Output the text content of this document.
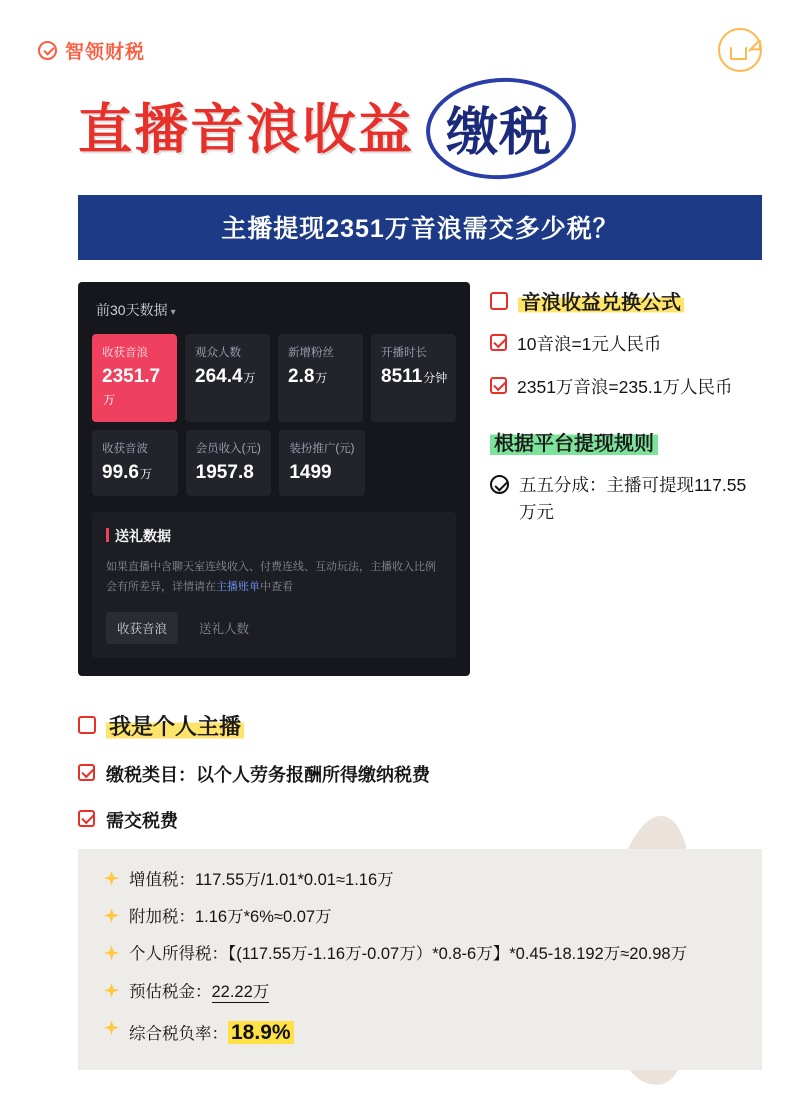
智领财税
直播音浪收益 缴税
主播提现2351万音浪需交多少税？
前30天数据 ▾
收获音浪
2351.7万
观众人数
264.4万
新增粉丝
2.8万
开播时长
8511分钟
收获音波
99.6万
会员收入(元)
1957.8
装扮推广(元)
1499
送礼数据
如果直播中含聊天室连线收入、付费连线、互动玩法，主播收入比例会有所差异，详情请在主播账单中查看
收获音浪	送礼人数
音浪收益兑换公式
10音浪=1元人民币
2351万音浪=235.1万人民币
根据平台提现规则
五五分成：主播可提现117.55万元
我是个人主播
缴税类目：以个人劳务报酬所得缴纳税费
需交税费
增值税：117.55万/1.01*0.01≈1.16万
附加税：1.16万*6%≈0.07万
个人所得税：【(117.55万-1.16万-0.07万）*0.8-6万】*0.45-18.192万≈20.98万
预估税金：22.22万
综合税负率： 18.9%
